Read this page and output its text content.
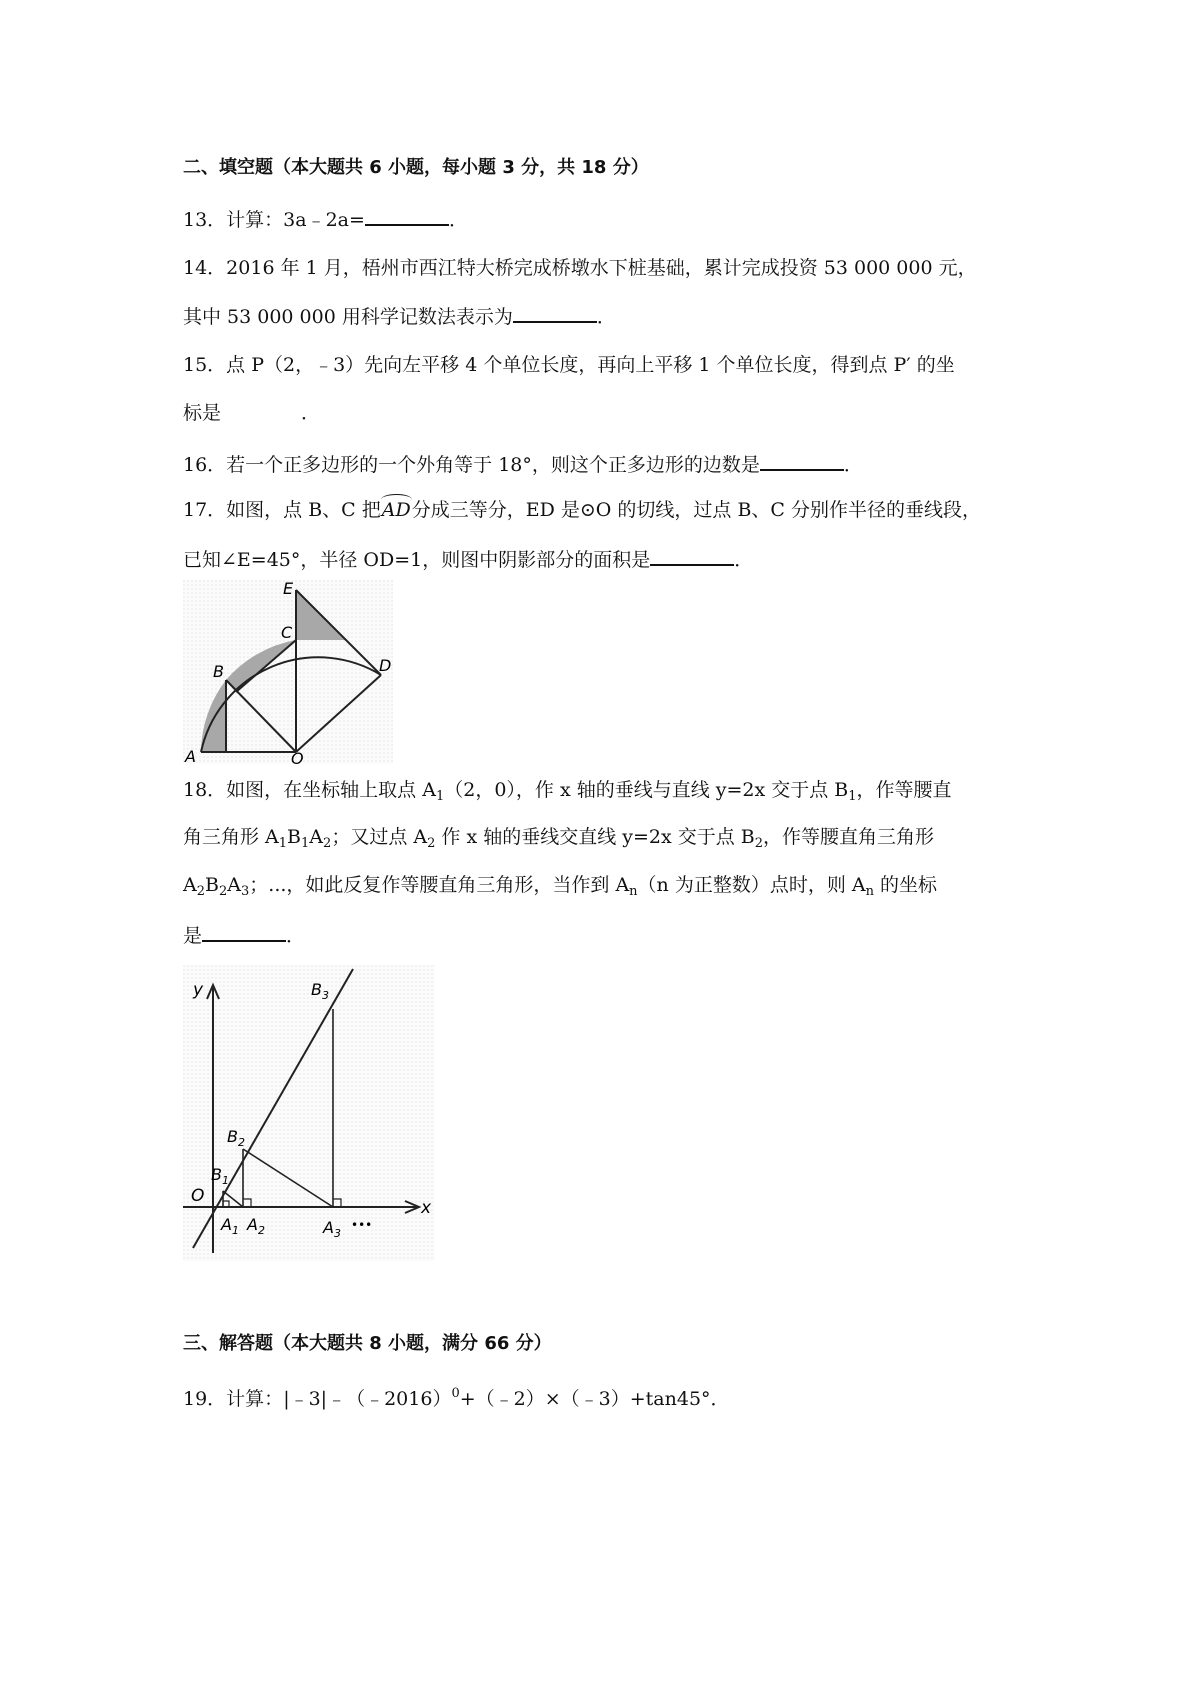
二、填空题（本大题共 6 小题，每小题 3 分，共 18 分）
13．计算：3a﹣2a=	．
14．2016 年 1 月，梧州市西江特大桥完成桥墩水下桩基础，累计完成投资 53 000 000 元，
其中 53 000 000 用科学记数法表示为	．
15．点 P（2，﹣3）先向左平移 4 个单位长度，再向上平移 1 个单位长度，得到点 P′ 的坐
标是	．
16．若一个正多边形的一个外角等于 18°，则这个正多边形的边数是	．
17．如图，点 B、C 把AD分成三等分，ED 是⊙O 的切线，过点 B、C 分别作半径的垂线段，
已知∠E=45°，半径 OD=1，则图中阴影部分的面积是	．
A
B
C
D
E
O
18．如图，在坐标轴上取点 $A_1(2$，0），作 x 轴的垂线与直线 y=2x 交于点 $B_1$，作等腰直
角三角形 $A_1B_1A_2$；又过点 $A_2$ 作 x 轴的垂线交直线 y=2x 交于点 $B_2$，作等腰直角三角形
$A_2B_2A_3$；...，如此反复作等腰直角三角形，当作到 $A_n(n$ 为正整数）点时，则 $A_n$ 的坐标
是	．
y
x
O
$B_1$
$B_2$
$B_3$
$A_1$ $A_2$	$A_3$
•••
三、解答题（本大题共 8 小题，满分 66 分）
19．计算：|﹣3|﹣（﹣2016）$^0$+（﹣2）×（﹣3）+tan45°．
